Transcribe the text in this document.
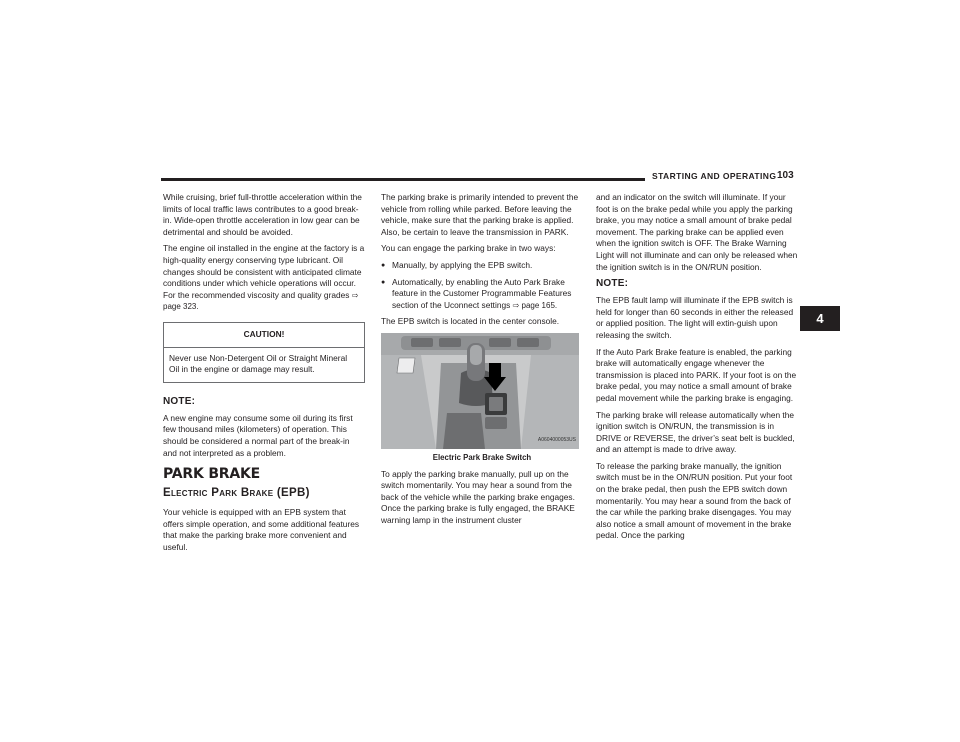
STARTING AND OPERATING 103
4

While cruising, brief full-throttle acceleration within the limits of local traffic laws contributes to a good break-in. Wide-open throttle acceleration in low gear can be detrimental and should be avoided.

The engine oil installed in the engine at the factory is a high-quality energy conserving type lubricant. Oil changes should be consistent with anticipated climate conditions under which vehicle operations will occur. For the recommended viscosity and quality grades ⇨ page 323.

CAUTION!
Never use Non-Detergent Oil or Straight Mineral Oil in the engine or damage may result.

NOTE:

A new engine may consume some oil during its first few thousand miles (kilometers) of operation. This should be considered a normal part of the break-in and not interpreted as a problem.

PARK BRAKE
Electric Park Brake (EPB)

Your vehicle is equipped with an EPB system that offers simple operation, and some additional features that make the parking brake more convenient and useful.

The parking brake is primarily intended to prevent the vehicle from rolling while parked. Before leaving the vehicle, make sure that the parking brake is applied. Also, be certain to leave the transmission in PARK.

You can engage the parking brake in two ways:

● Manually, by applying the EPB switch.
● Automatically, by enabling the Auto Park Brake feature in the Customer Programmable Features section of the Uconnect settings ⇨ page 165.

The EPB switch is located in the center console.

A0604000053US

Electric Park Brake Switch

To apply the parking brake manually, pull up on the switch momentarily. You may hear a sound from the back of the vehicle while the parking brake engages. Once the parking brake is fully engaged, the BRAKE warning lamp in the instrument cluster

and an indicator on the switch will illuminate. If your foot is on the brake pedal while you apply the parking brake, you may notice a small amount of brake pedal movement. The parking brake can be applied even when the ignition switch is OFF. The Brake Warning Light will not illuminate and can only be released when the ignition switch is in the ON/RUN position.

NOTE:

The EPB fault lamp will illuminate if the EPB switch is held for longer than 60 seconds in either the released or applied position. The light will extin-guish upon releasing the switch.

If the Auto Park Brake feature is enabled, the parking brake will automatically engage whenever the transmission is placed into PARK. If your foot is on the brake pedal, you may notice a small amount of brake pedal movement while the parking brake is engaging.

The parking brake will release automatically when the ignition switch is ON/RUN, the transmission is in DRIVE or REVERSE, the driver’s seat belt is buckled, and an attempt is made to drive away.

To release the parking brake manually, the ignition switch must be in the ON/RUN position. Put your foot on the brake pedal, then push the EPB switch down momentarily. You may hear a sound from the back of the car while the parking brake disengages. You may also notice a small amount of movement in the brake pedal. Once the parking
